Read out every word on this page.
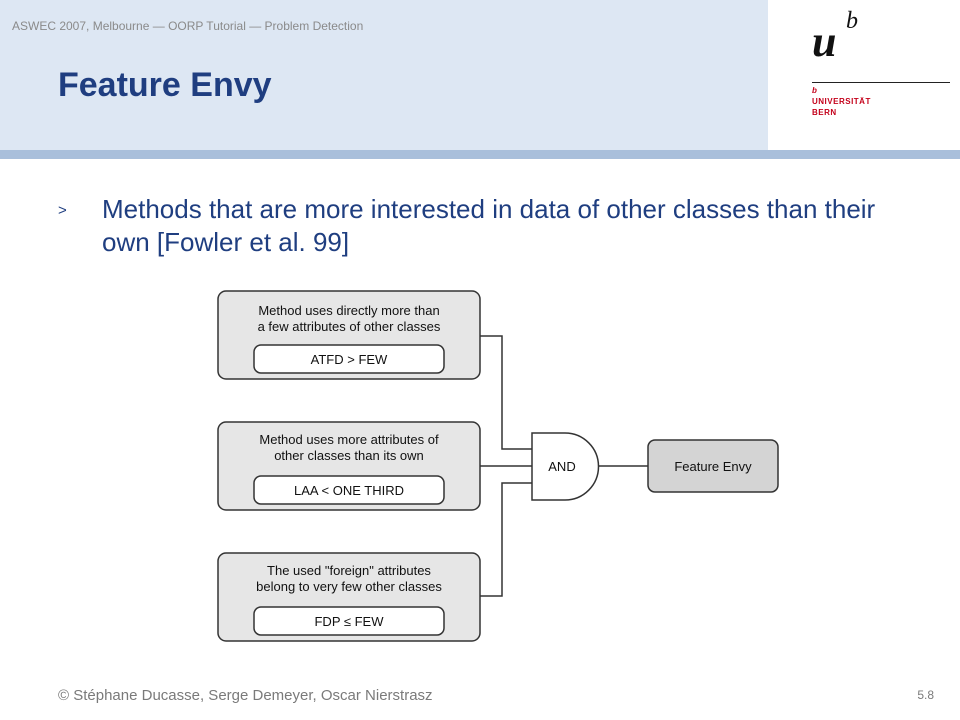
ASWEC 2007, Melbourne — OORP Tutorial — Problem Detection
Feature Envy
u b
b
UNIVERSITÄT
BERN
> Methods that are more interested in data of other classes than their own [Fowler et al. 99]

Method uses directly more than
a few attributes of other classes
ATFD > FEW
Method uses more attributes of
other classes than its own
LAA < ONE THIRD
The used "foreign" attributes
belong to very few other classes
FDP ≤ FEW
AND	Feature Envy
© Stéphane Ducasse, Serge Demeyer, Oscar Nierstrasz	5.8
